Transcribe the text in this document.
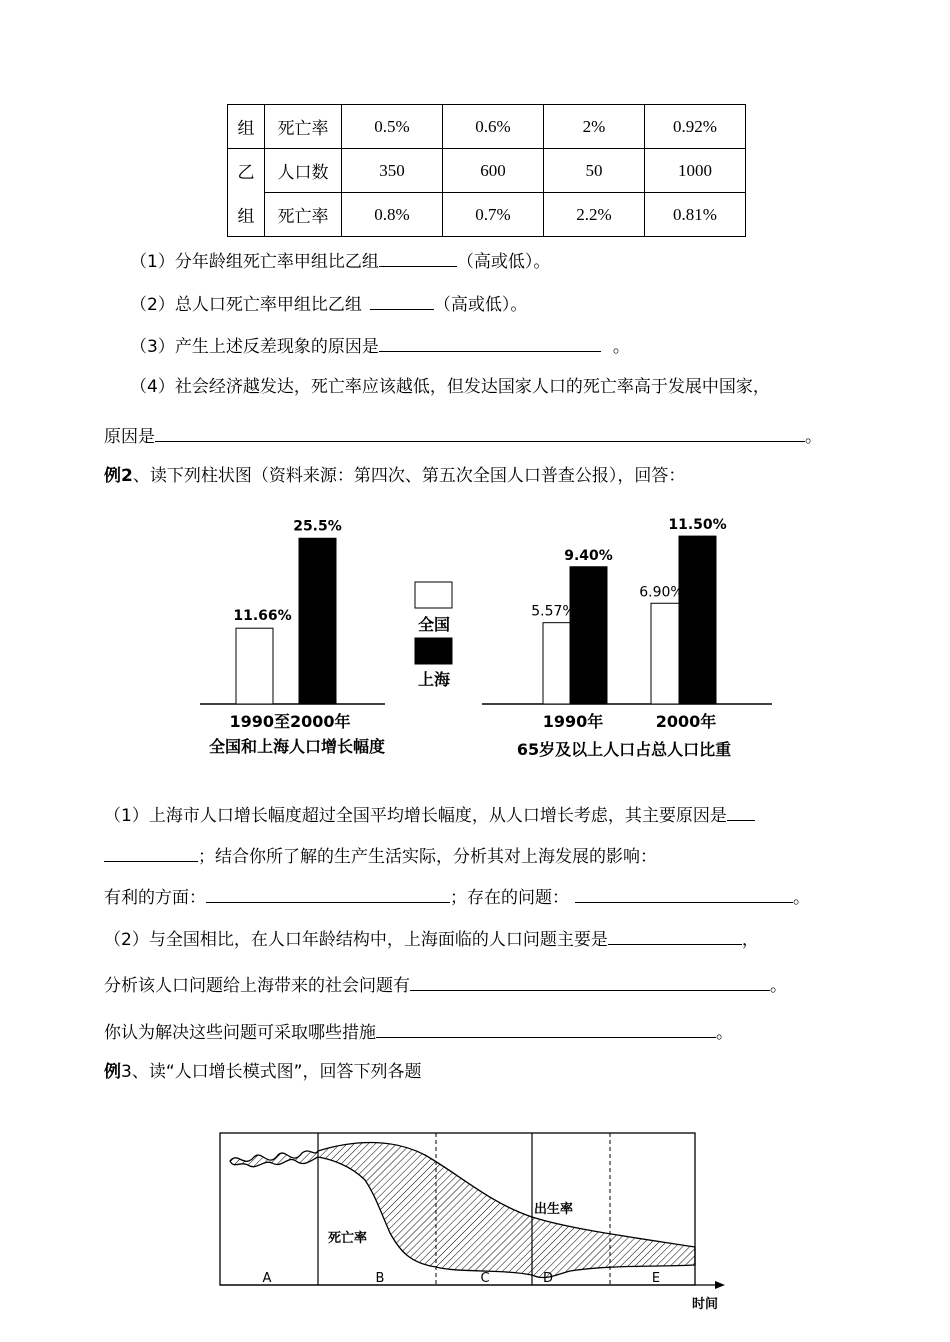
组	死亡率	0.5%	0.6%	2%	0.92%
乙	人口数	350	600	50	1000
组	死亡率	0.8%	0.7%	2.2%	0.81%
（1）分年龄组死亡率甲组比乙组	（高或低）。
（2）总人口死亡率甲组比乙组	（高或低）。
（3）产生上述反差现象的原因是	。
（4）社会经济越发达，死亡率应该越低，但发达国家人口的死亡率高于发展中国家，
原因是	。
例2、读下列柱状图（资料来源：第四次、第五次全国人口普查公报），回答：
11.66%
25.5%
1990至2000年
全国和上海人口增长幅度
全国
上海
5.57%
9.40%
6.90%
11.50%
1990年	2000年
65岁及以上人口占总人口比重
（1）上海市人口增长幅度超过全国平均增长幅度，从人口增长考虑，其主要原因是
；结合你所了解的生产生活实际，分析其对上海发展的影响：
有利的方面：	；存在的问题：	。
（2）与全国相比，在人口年龄结构中，上海面临的人口问题主要是	，
分析该人口问题给上海带来的社会问题有	。
你认为解决这些问题可采取哪些措施	。
例3、读“人口增长模式图”，回答下列各题
出生率
死亡率
A	B	C	D	E
时间
